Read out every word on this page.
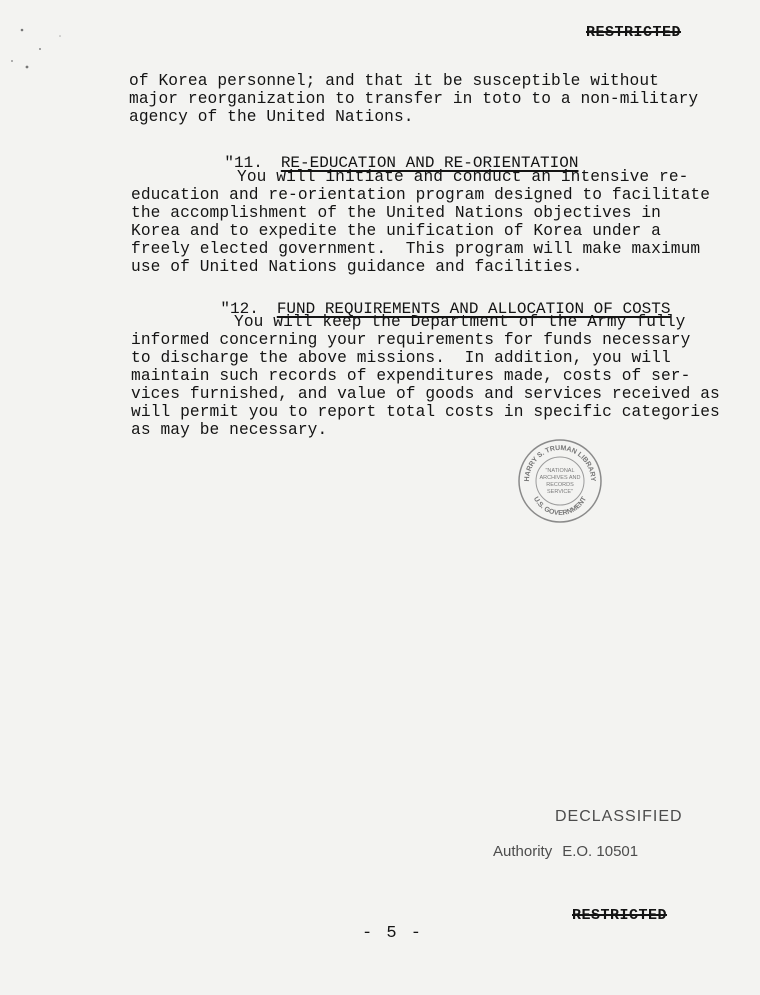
RESTRICTED
of Korea personnel; and that it be susceptible without
major reorganization to transfer in toto to a non-military
agency of the United Nations.

"11. RE-EDUCATION AND RE-ORIENTATION

You will initiate and conduct an intensive re-
education and re-orientation program designed to facilitate
the accomplishment of the United Nations objectives in
Korea and to expedite the unification of Korea under a
freely elected government.  This program will make maximum
use of United Nations guidance and facilities.

"12. FUND REQUIREMENTS AND ALLOCATION OF COSTS

You will keep the Department of the Army fully
informed concerning your requirements for funds necessary
to discharge the above missions.  In addition, you will
maintain such records of expenditures made, costs of ser-
vices furnished, and value of goods and services received as
will permit you to report total costs in specific categories
as may be necessary.
HARRY S. TRUMAN LIBRARY
U.S. GOVERNMENT
"NATIONAL
ARCHIVES AND
RECORDS
SERVICE"
DECLASSIFIED
Authority E.O. 10501
RESTRICTED
- 5 -
